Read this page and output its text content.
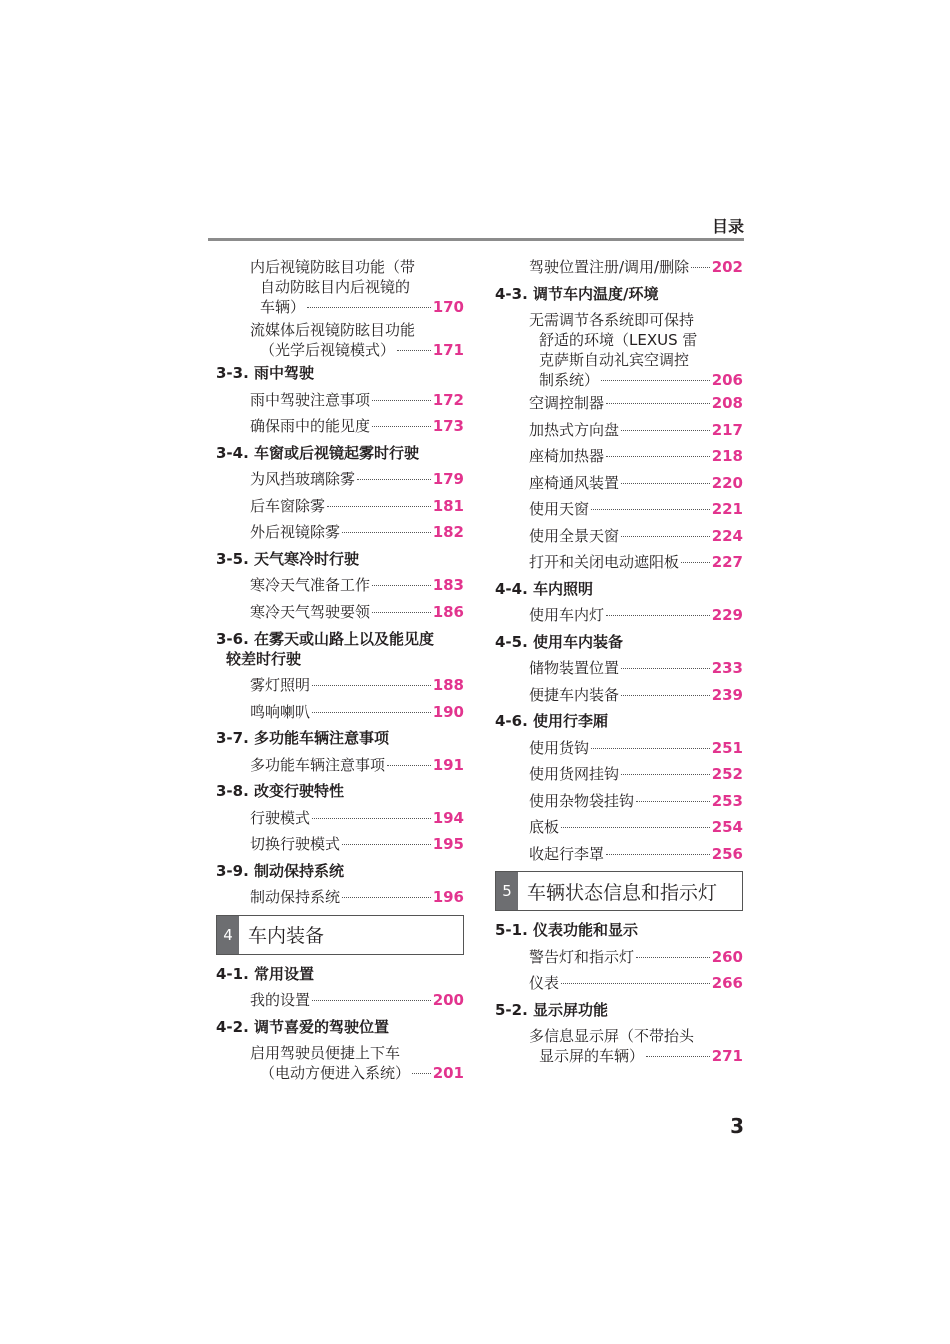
目录
内后视镜防眩目功能（带
自动防眩目内后视镜的
车辆）	170
流媒体后视镜防眩目功能
（光学后视镜模式）	171
3-3. 雨中驾驶
雨中驾驶注意事项	172
确保雨中的能见度	173
3-4. 车窗或后视镜起雾时行驶
为风挡玻璃除雾	179
后车窗除雾	181
外后视镜除雾	182
3-5. 天气寒冷时行驶
寒冷天气准备工作	183
寒冷天气驾驶要领	186
3-6. 在雾天或山路上以及能见度
较差时行驶
雾灯照明	188
鸣响喇叭	190
3-7. 多功能车辆注意事项
多功能车辆注意事项	191
3-8. 改变行驶特性
行驶模式	194
切换行驶模式	195
3-9. 制动保持系统
制动保持系统	196
4 车内装备
4-1. 常用设置
我的设置	200
4-2. 调节喜爱的驾驶位置
启用驾驶员便捷上下车
（电动方便进入系统） 201
驾驶位置注册/调用/删除 202
4-3. 调节车内温度/环境
无需调节各系统即可保持
舒适的环境（LEXUS 雷
克萨斯自动礼宾空调控
制系统）	206
空调控制器	208
加热式方向盘	217
座椅加热器	218
座椅通风装置	220
使用天窗	221
使用全景天窗	224
打开和关闭电动遮阳板 227
4-4. 车内照明
使用车内灯	229
4-5. 使用车内装备
储物装置位置	233
便捷车内装备	239
4-6. 使用行李厢
使用货钩	251
使用货网挂钩	252
使用杂物袋挂钩	253
底板	254
收起行李罩	256
5 车辆状态信息和指示灯
5-1. 仪表功能和显示
警告灯和指示灯	260
仪表	266
5-2. 显示屏功能
多信息显示屏（不带抬头
显示屏的车辆）	271
3
